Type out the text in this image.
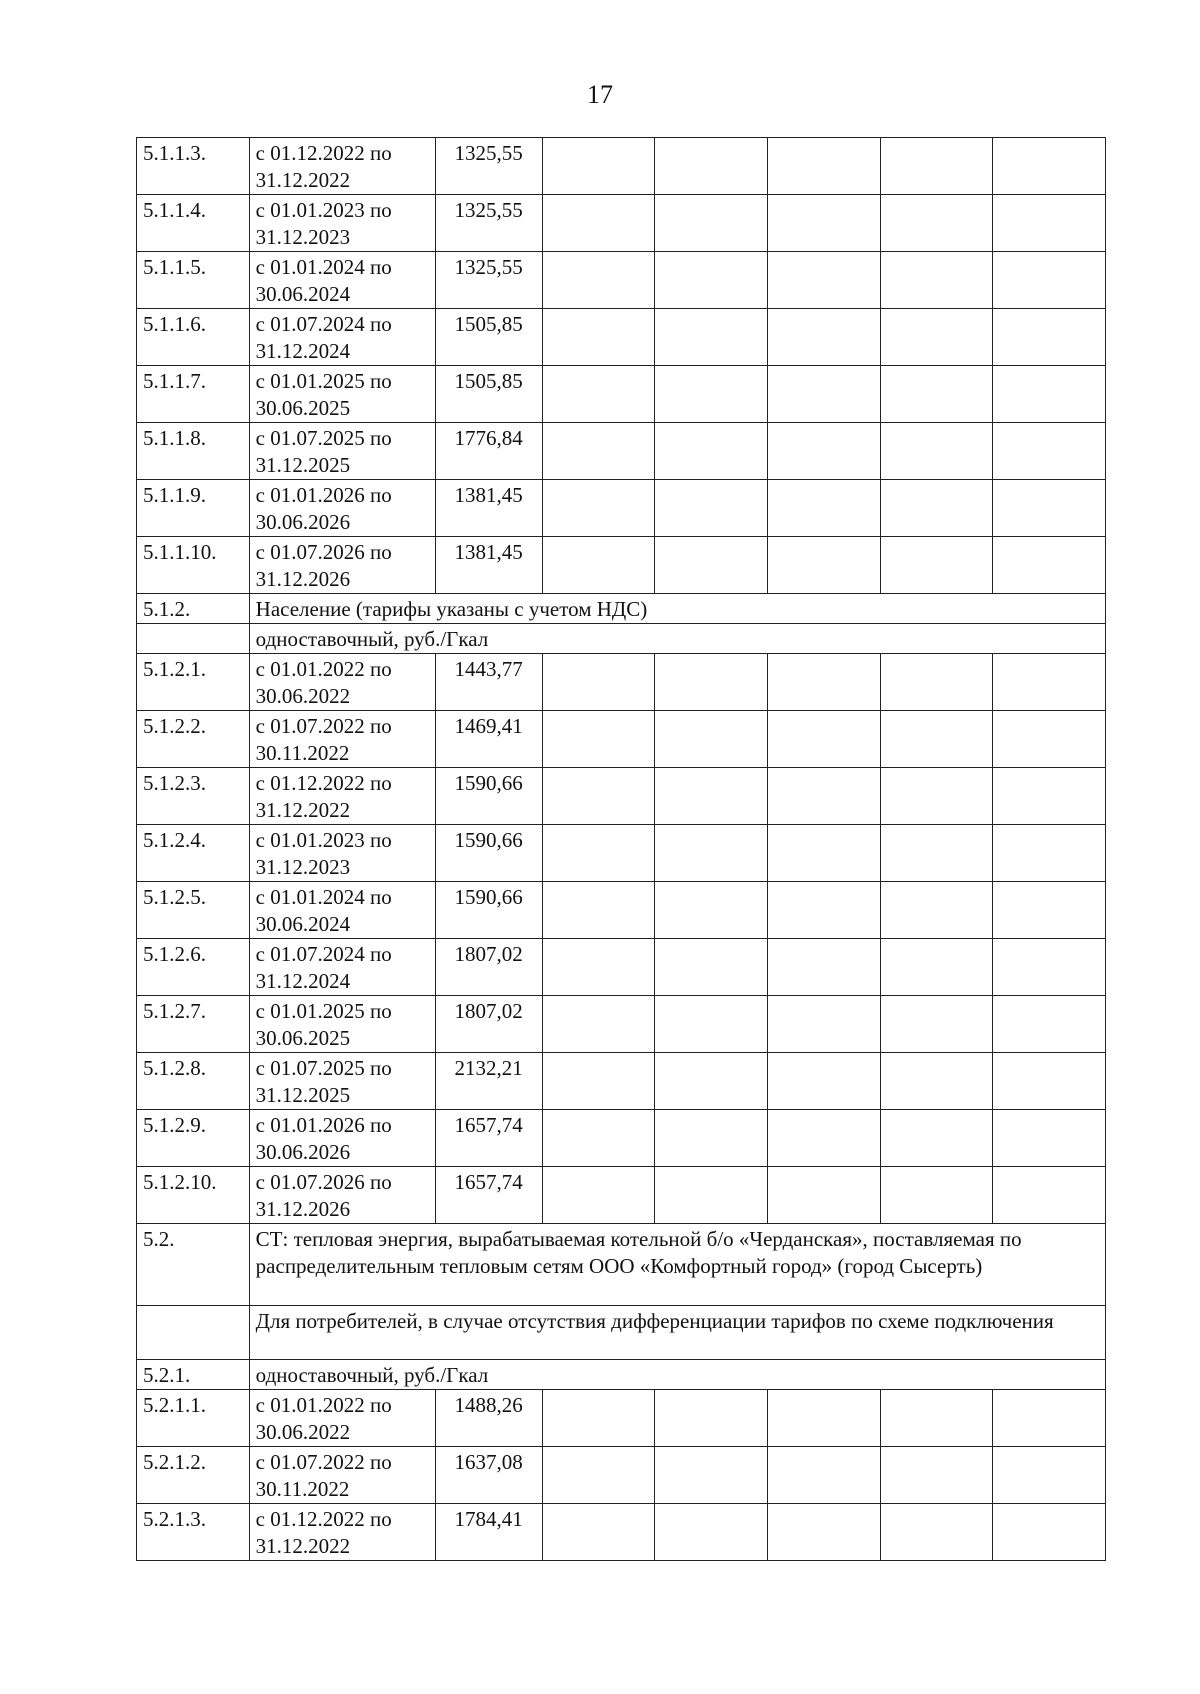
17
5.1.1.3.	с 01.12.2022 по 31.12.2022	1325,55					
5.1.1.4.	с 01.01.2023 по 31.12.2023	1325,55					
5.1.1.5.	с 01.01.2024 по 30.06.2024	1325,55					
5.1.1.6.	с 01.07.2024 по 31.12.2024	1505,85					
5.1.1.7.	с 01.01.2025 по 30.06.2025	1505,85					
5.1.1.8.	с 01.07.2025 по 31.12.2025	1776,84					
5.1.1.9.	с 01.01.2026 по 30.06.2026	1381,45					
5.1.1.10.	с 01.07.2026 по 31.12.2026	1381,45					
5.1.2.	Население (тарифы указаны с учетом НДС)						
	одноставочный, руб./Гкал						
5.1.2.1.	с 01.01.2022 по 30.06.2022	1443,77					
5.1.2.2.	с 01.07.2022 по 30.11.2022	1469,41					
5.1.2.3.	с 01.12.2022 по 31.12.2022	1590,66					
5.1.2.4.	с 01.01.2023 по 31.12.2023	1590,66					
5.1.2.5.	с 01.01.2024 по 30.06.2024	1590,66					
5.1.2.6.	с 01.07.2024 по 31.12.2024	1807,02					
5.1.2.7.	с 01.01.2025 по 30.06.2025	1807,02					
5.1.2.8.	с 01.07.2025 по 31.12.2025	2132,21					
5.1.2.9.	с 01.01.2026 по 30.06.2026	1657,74					
5.1.2.10.	с 01.07.2026 по 31.12.2026	1657,74					
5.2.	СТ: тепловая энергия, вырабатываемая котельной б/о «Черданская», поставляемая по распределительным тепловым сетям ООО «Комфортный город» (город Сысерть)						
	Для потребителей, в случае отсутствия дифференциации тарифов по схеме подключения						
5.2.1.	одноставочный, руб./Гкал						
5.2.1.1.	с 01.01.2022 по 30.06.2022	1488,26					
5.2.1.2.	с 01.07.2022 по 30.11.2022	1637,08					
5.2.1.3.	с 01.12.2022 по 31.12.2022	1784,41					
